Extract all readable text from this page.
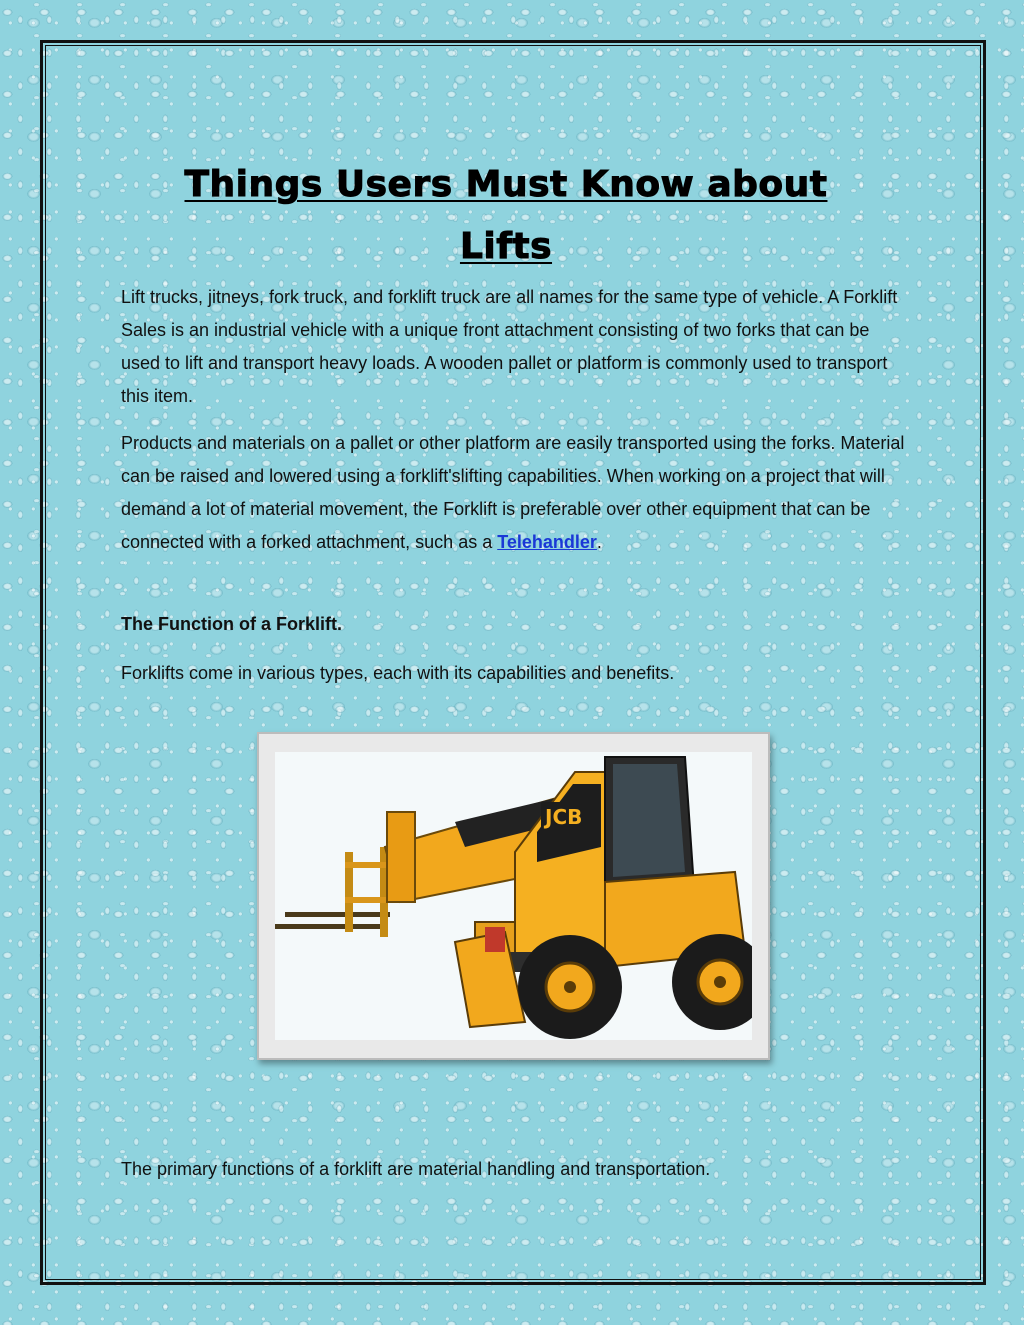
Things Users Must Know about
Lifts

Lift trucks, jitneys, fork truck, and forklift truck are all names for the same type of vehicle. A Forklift Sales is an industrial vehicle with a unique front attachment consisting of two forks that can be used to lift and transport heavy loads. A wooden pallet or platform is commonly used to transport this item.

Products and materials on a pallet or other platform are easily transported using the forks. Material can be raised and lowered using a forklift'slifting capabilities. When working on a project that will demand a lot of material movement, the Forklift is preferable over other equipment that can be connected with a forked attachment, such as a Telehandler.

The Function of a Forklift.

Forklifts come in various types, each with its capabilities and benefits.

JCB

The primary functions of a forklift are material handling and transportation.
